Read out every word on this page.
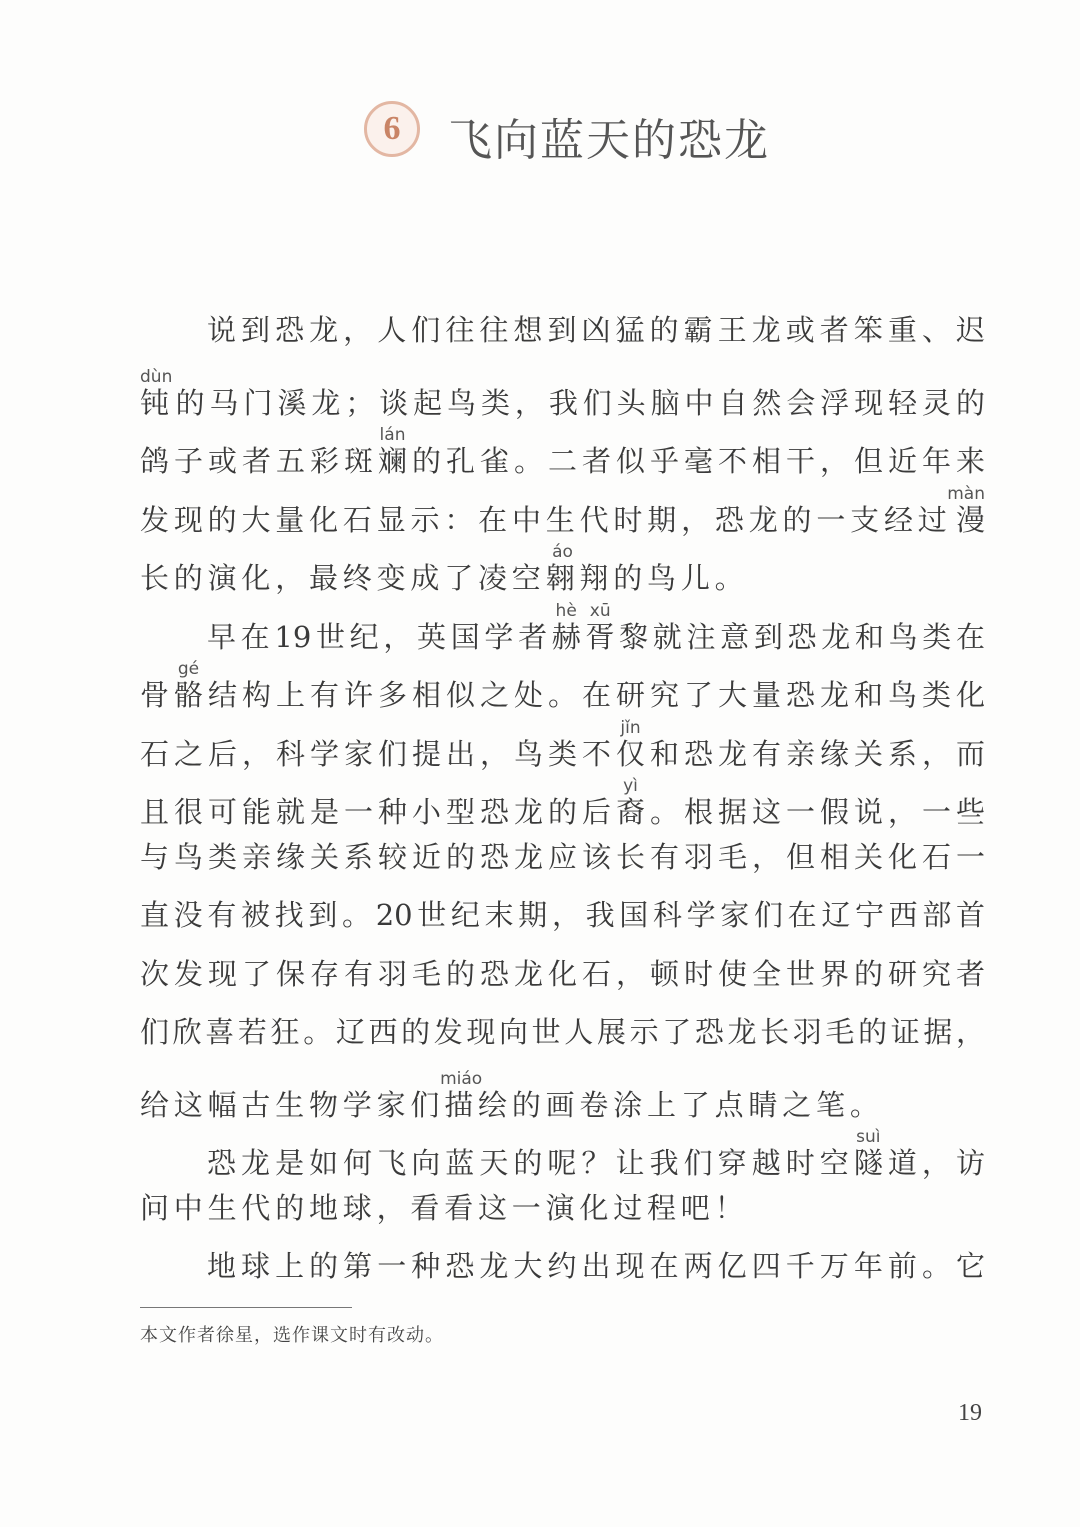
6	飞向蓝天的恐龙
说到恐龙，人们往往想到凶猛的霸王龙或者笨重、迟
钝dùn的马门溪龙；谈起鸟类，我们头脑中自然会浮现轻灵的
鸽子或者五彩斑斓lán的孔雀。二者似乎毫不相干，但近年来
发现的大量化石显示：在中生代时期，恐龙的一支经过漫màn
长的演化，最终变成了凌空翱áo翔的鸟儿。
早在19世纪，英国学者赫胥hè xū黎就注意到恐龙和鸟类在
骨骼gé结构上有许多相似之处。在研究了大量恐龙和鸟类化
石之后，科学家们提出，鸟类不仅jǐn和恐龙有亲缘关系，而
且很可能就是一种小型恐龙的后裔yì。根据这一假说，一些
与鸟类亲缘关系较近的恐龙应该长有羽毛，但相关化石一
直没有被找到。20世纪末期，我国科学家们在辽宁西部首
次发现了保存有羽毛的恐龙化石，顿时使全世界的研究者
们欣喜若狂。辽西的发现向世人展示了恐龙长羽毛的证据，
给这幅古生物学家们描miáo绘的画卷涂上了点睛之笔。
恐龙是如何飞向蓝天的呢？让我们穿越时空隧suì道，访
问中生代的地球，看看这一演化过程吧！
地球上的第一种恐龙大约出现在两亿四千万年前。它
本文作者徐星，选作课文时有改动。
19
